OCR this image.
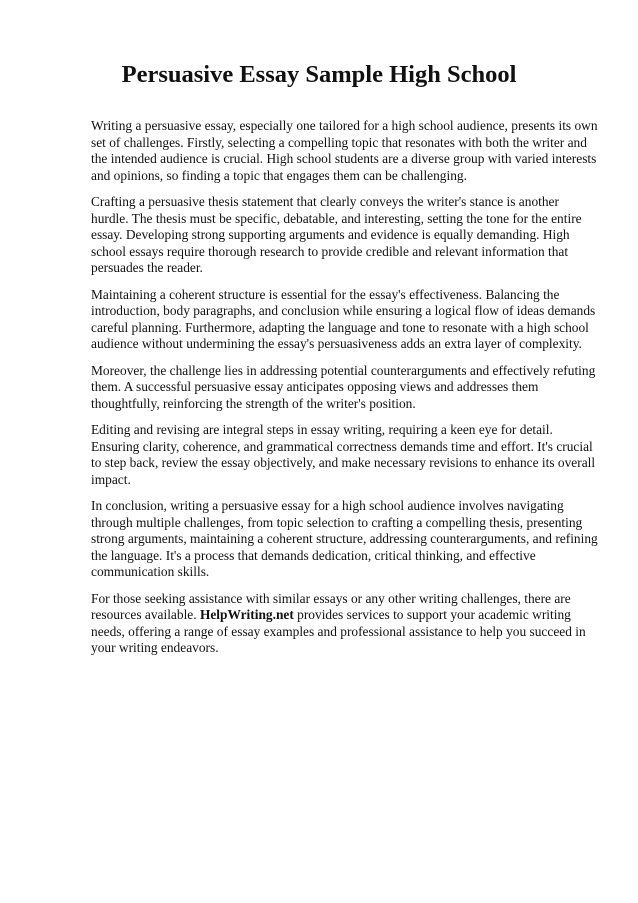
Persuasive Essay Sample High School

Writing a persuasive essay, especially one tailored for a high school audience, presents its own set of challenges. Firstly, selecting a compelling topic that resonates with both the writer and the intended audience is crucial. High school students are a diverse group with varied interests and opinions, so finding a topic that engages them can be challenging.

Crafting a persuasive thesis statement that clearly conveys the writer's stance is another hurdle. The thesis must be specific, debatable, and interesting, setting the tone for the entire essay. Developing strong supporting arguments and evidence is equally demanding. High school essays require thorough research to provide credible and relevant information that persuades the reader.

Maintaining a coherent structure is essential for the essay's effectiveness. Balancing the introduction, body paragraphs, and conclusion while ensuring a logical flow of ideas demands careful planning. Furthermore, adapting the language and tone to resonate with a high school audience without undermining the essay's persuasiveness adds an extra layer of complexity.

Moreover, the challenge lies in addressing potential counterarguments and effectively refuting them. A successful persuasive essay anticipates opposing views and addresses them thoughtfully, reinforcing the strength of the writer's position.

Editing and revising are integral steps in essay writing, requiring a keen eye for detail. Ensuring clarity, coherence, and grammatical correctness demands time and effort. It's crucial to step back, review the essay objectively, and make necessary revisions to enhance its overall impact.

In conclusion, writing a persuasive essay for a high school audience involves navigating through multiple challenges, from topic selection to crafting a compelling thesis, presenting strong arguments, maintaining a coherent structure, addressing counterarguments, and refining the language. It's a process that demands dedication, critical thinking, and effective communication skills.

For those seeking assistance with similar essays or any other writing challenges, there are resources available. HelpWriting.net provides services to support your academic writing needs, offering a range of essay examples and professional assistance to help you succeed in your writing endeavors.
